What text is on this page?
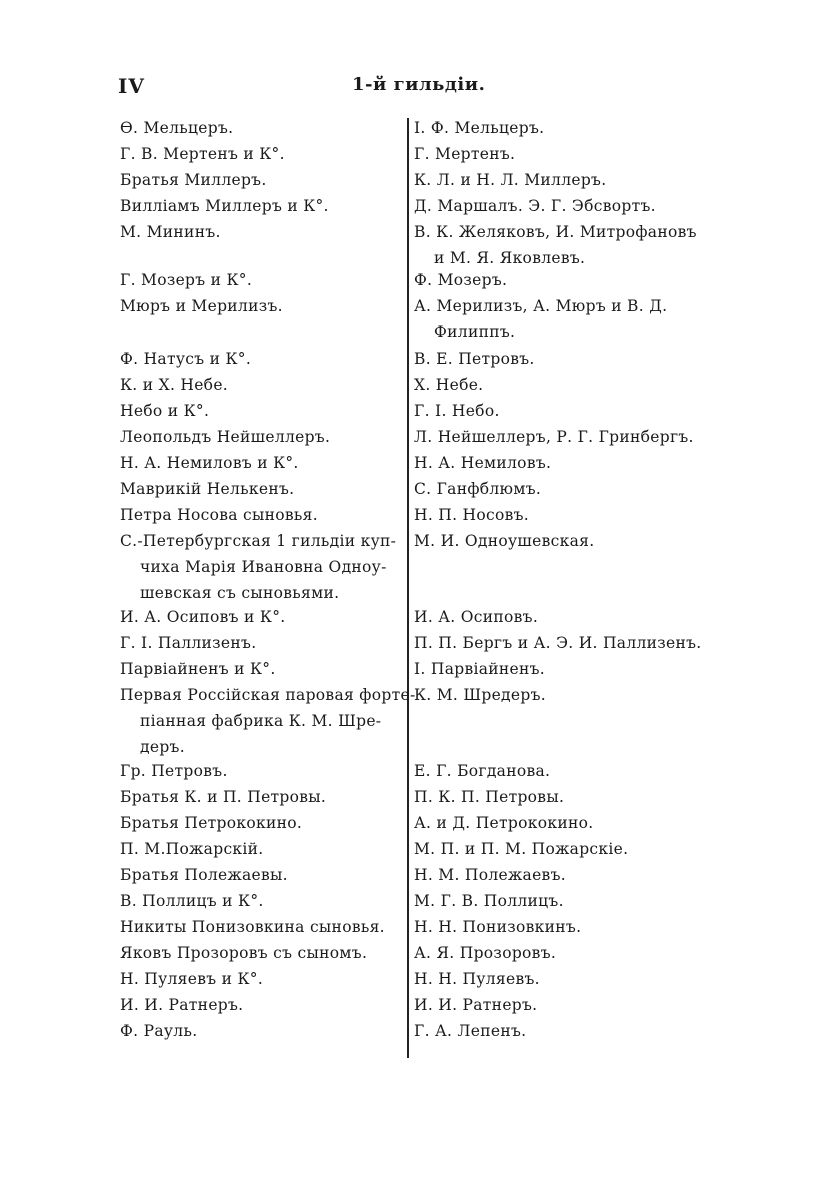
IV	1-й гильдіи.
Ѳ. Мельцеръ.
Г. В. Мертенъ и К°.
Братья Миллеръ.
Вилліамъ Миллеръ и К°.
М. Мининъ.
Г. Мозеръ и К°.
Мюръ и Мерилизъ.
Ф. Натусъ и К°.
К. и Х. Небе.
Небо и К°.
Леопольдъ Нейшеллеръ.
Н. А. Немиловъ и К°.
Маврикій Нелькенъ.
Петра Носова сыновья.
С.-Петербургская 1 гильдіи куп-
чиха Марія Ивановна Одноу-
шевская съ сыновьями.
И. А. Осиповъ и К°.
Г. І. Паллизенъ.
Парвіайненъ и К°.
Первая Россійская паровая форте-
піанная фабрика К. М. Шре-
деръ.
Гр. Петровъ.
Братья К. и П. Петровы.
Братья Петрококино.
П. М.Пожарскій.
Братья Полежаевы.
В. Поллицъ и К°.
Никиты Понизовкина сыновья.
Яковъ Прозоровъ съ сыномъ.
Н. Пуляевъ и К°.
И. И. Ратнеръ.
Ф. Рауль.
І. Ф. Мельцеръ.
Г. Мертенъ.
К. Л. и Н. Л. Миллеръ.
Д. Маршалъ. Э. Г. Эбсвортъ.
В. К. Желяковъ, И. Митрофановъ
и М. Я. Яковлевъ.
Ф. Мозеръ.
А. Мерилизъ, А. Мюръ и В. Д.
Филиппъ.
В. Е. Петровъ.
Х. Небе.
Г. І. Небо.
Л. Нейшеллеръ, Р. Г. Гринбергъ.
Н. А. Немиловъ.
С. Ганфблюмъ.
Н. П. Носовъ.
М. И. Одноушевская.
И. А. Осиповъ.
П. П. Бергъ и А. Э. И. Паллизенъ.
І. Парвіайненъ.
К. М. Шредеръ.
Е. Г. Богданова.
П. К. П. Петровы.
А. и Д. Петрококино.
М. П. и П. М. Пожарскіе.
Н. М. Полежаевъ.
М. Г. В. Поллицъ.
Н. Н. Понизовкинъ.
А. Я. Прозоровъ.
Н. Н. Пуляевъ.
И. И. Ратнеръ.
Г. А. Лепенъ.
